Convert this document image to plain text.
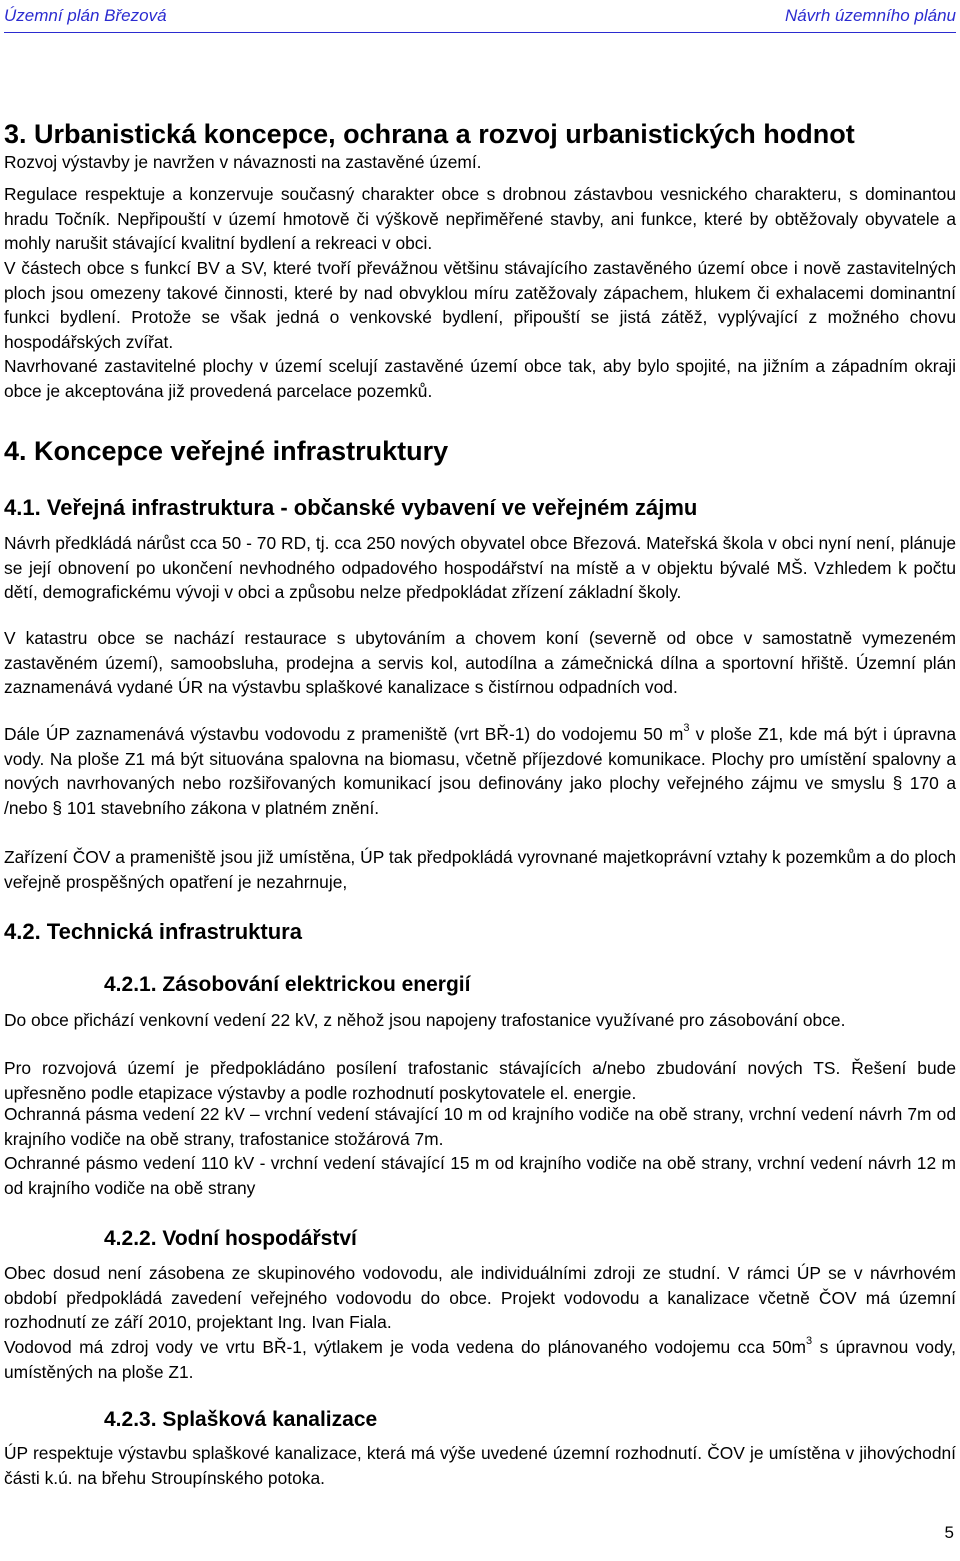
Územní plán Březová	Návrh územního plánu
3. Urbanistická koncepce, ochrana a rozvoj urbanistických hodnot
Rozvoj výstavby je navržen v návaznosti na zastavěné území.
Regulace respektuje a konzervuje současný charakter obce s drobnou zástavbou vesnického charakteru, s dominantou hradu Točník. Nepřipouští v území hmotově či výškově nepřiměřené stavby, ani funkce, které by obtěžovaly obyvatele a mohly narušit stávající kvalitní bydlení a rekreaci v obci.
V částech obce s funkcí BV a SV, které tvoří převážnou většinu stávajícího zastavěného území obce i nově zastavitelných ploch jsou omezeny takové činnosti, které by nad obvyklou míru zatěžovaly zápachem, hlukem či exhalacemi dominantní funkci bydlení. Protože se však jedná o venkovské bydlení, připouští se jistá zátěž, vyplývající z možného chovu hospodářských zvířat.
Navrhované zastavitelné plochy v území scelují zastavěné území obce tak, aby bylo spojité, na jižním a západním okraji obce je akceptována již provedená parcelace pozemků.
4. Koncepce veřejné infrastruktury
4.1. Veřejná infrastruktura - občanské vybavení ve veřejném zájmu
Návrh předkládá nárůst cca 50 - 70 RD, tj. cca 250 nových obyvatel obce Březová. Mateřská škola v obci nyní není, plánuje se její obnovení po ukončení nevhodného odpadového hospodářství na místě a v objektu bývalé MŠ. Vzhledem k počtu dětí, demografickému vývoji v obci a způsobu nelze předpokládat zřízení základní školy.
V katastru obce se nachází restaurace s ubytováním a chovem koní (severně od obce v samostatně vymezeném zastavěném území), samoobsluha, prodejna a servis kol, autodílna a zámečnická dílna a sportovní hřiště. Územní plán zaznamenává vydané ÚR na výstavbu splaškové kanalizace s čistírnou odpadních vod.
Dále ÚP zaznamenává výstavbu vodovodu z prameniště (vrt BŘ-1) do vodojemu 50 $m^3$ v ploše Z1, kde má být i úpravna vody. Na ploše Z1 má být situována spalovna na biomasu, včetně příjezdové komunikace. Plochy pro umístění spalovny a nových navrhovaných nebo rozšiřovaných komunikací jsou definovány jako plochy veřejného zájmu ve smyslu § 170 a /nebo § 101 stavebního zákona v platném znění.
Zařízení ČOV a prameniště jsou již umístěna, ÚP tak předpokládá vyrovnané majetkoprávní vztahy k pozemkům a do ploch veřejně prospěšných opatření je nezahrnuje,
4.2. Technická infrastruktura
4.2.1. Zásobování elektrickou energií
Do obce přichází venkovní vedení 22 kV, z něhož jsou napojeny trafostanice využívané pro zásobování obce.
Pro rozvojová území je předpokládáno posílení trafostanic stávajících a/nebo zbudování nových TS. Řešení bude upřesněno podle etapizace výstavby a podle rozhodnutí poskytovatele el. energie.
Ochranná pásma vedení 22 kV – vrchní vedení stávající 10 m od krajního vodiče na obě strany, vrchní vedení návrh 7m od krajního vodiče na obě strany, trafostanice stožárová 7m.
Ochranné pásmo vedení 110 kV - vrchní vedení stávající 15 m od krajního vodiče na obě strany, vrchní vedení návrh 12 m od krajního vodiče na obě strany
4.2.2. Vodní hospodářství
Obec dosud není zásobena ze skupinového vodovodu, ale individuálními zdroji ze studní. V rámci ÚP se v návrhovém období předpokládá zavedení veřejného vodovodu do obce. Projekt vodovodu a kanalizace včetně ČOV má územní rozhodnutí ze září 2010, projektant Ing. Ivan Fiala.
Vodovod má zdroj vody ve vrtu BŘ-1, výtlakem je voda vedena do plánovaného vodojemu cca $50m^3$ s úpravnou vody, umístěných na ploše Z1.
4.2.3. Splašková kanalizace
ÚP respektuje výstavbu splaškové kanalizace, která má výše uvedené územní rozhodnutí. ČOV je umístěna v jihovýchodní části k.ú. na břehu Stroupínského potoka.
5
